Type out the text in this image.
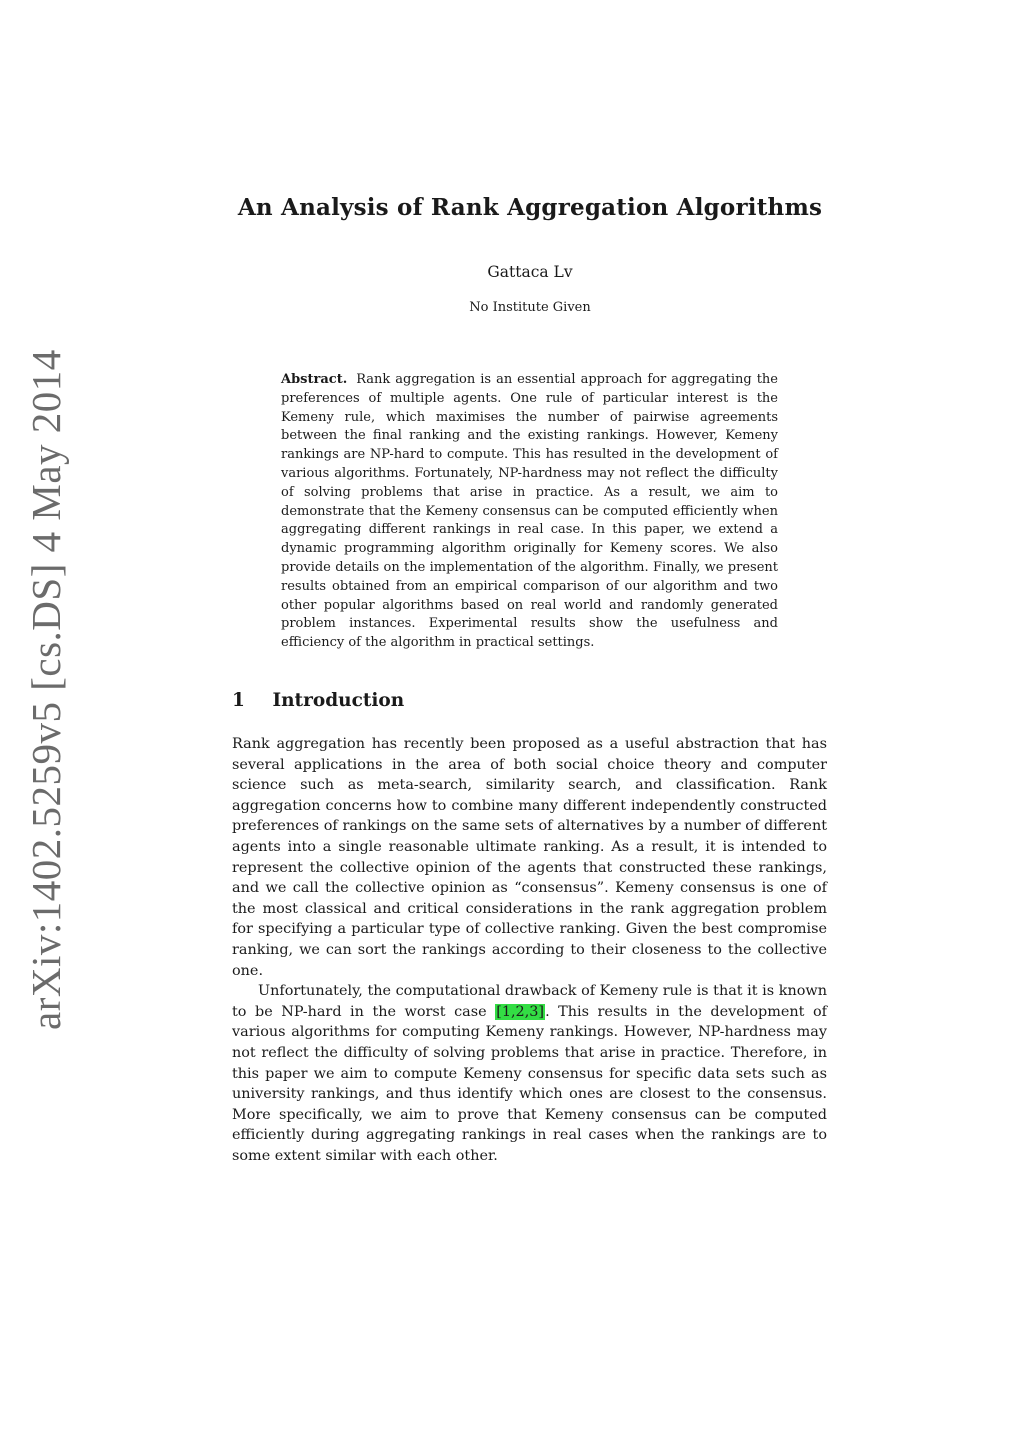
arXiv:1402.5259v5 [cs.DS] 4 May 2014
An Analysis of Rank Aggregation Algorithms
Gattaca Lv
No Institute Given
Abstract. Rank aggregation is an essential approach for aggregating the preferences of multiple agents. One rule of particular interest is the Kemeny rule, which maximises the number of pairwise agreements between the final ranking and the existing rankings. However, Kemeny rankings are NP-hard to compute. This has resulted in the development of various algorithms. Fortunately, NP-hardness may not reflect the difficulty of solving problems that arise in practice. As a result, we aim to demonstrate that the Kemeny consensus can be computed efficiently when aggregating different rankings in real case. In this paper, we extend a dynamic programming algorithm originally for Kemeny scores. We also provide details on the implementation of the algorithm. Finally, we present results obtained from an empirical comparison of our algorithm and two other popular algorithms based on real world and randomly generated problem instances. Experimental results show the usefulness and efficiency of the algorithm in practical settings.
1 Introduction

Rank aggregation has recently been proposed as a useful abstraction that has several applications in the area of both social choice theory and computer science such as meta-search, similarity search, and classification. Rank aggregation concerns how to combine many different independently constructed preferences of rankings on the same sets of alternatives by a number of different agents into a single reasonable ultimate ranking. As a result, it is intended to represent the collective opinion of the agents that constructed these rankings, and we call the collective opinion as “consensus”. Kemeny consensus is one of the most classical and critical considerations in the rank aggregation problem for specifying a particular type of collective ranking. Given the best compromise ranking, we can sort the rankings according to their closeness to the collective one.

Unfortunately, the computational drawback of Kemeny rule is that it is known to be NP-hard in the worst case [1,2,3]. This results in the development of various algorithms for computing Kemeny rankings. However, NP-hardness may not reflect the difficulty of solving problems that arise in practice. Therefore, in this paper we aim to compute Kemeny consensus for specific data sets such as university rankings, and thus identify which ones are closest to the consensus. More specifically, we aim to prove that Kemeny consensus can be computed efficiently during aggregating rankings in real cases when the rankings are to some extent similar with each other.
